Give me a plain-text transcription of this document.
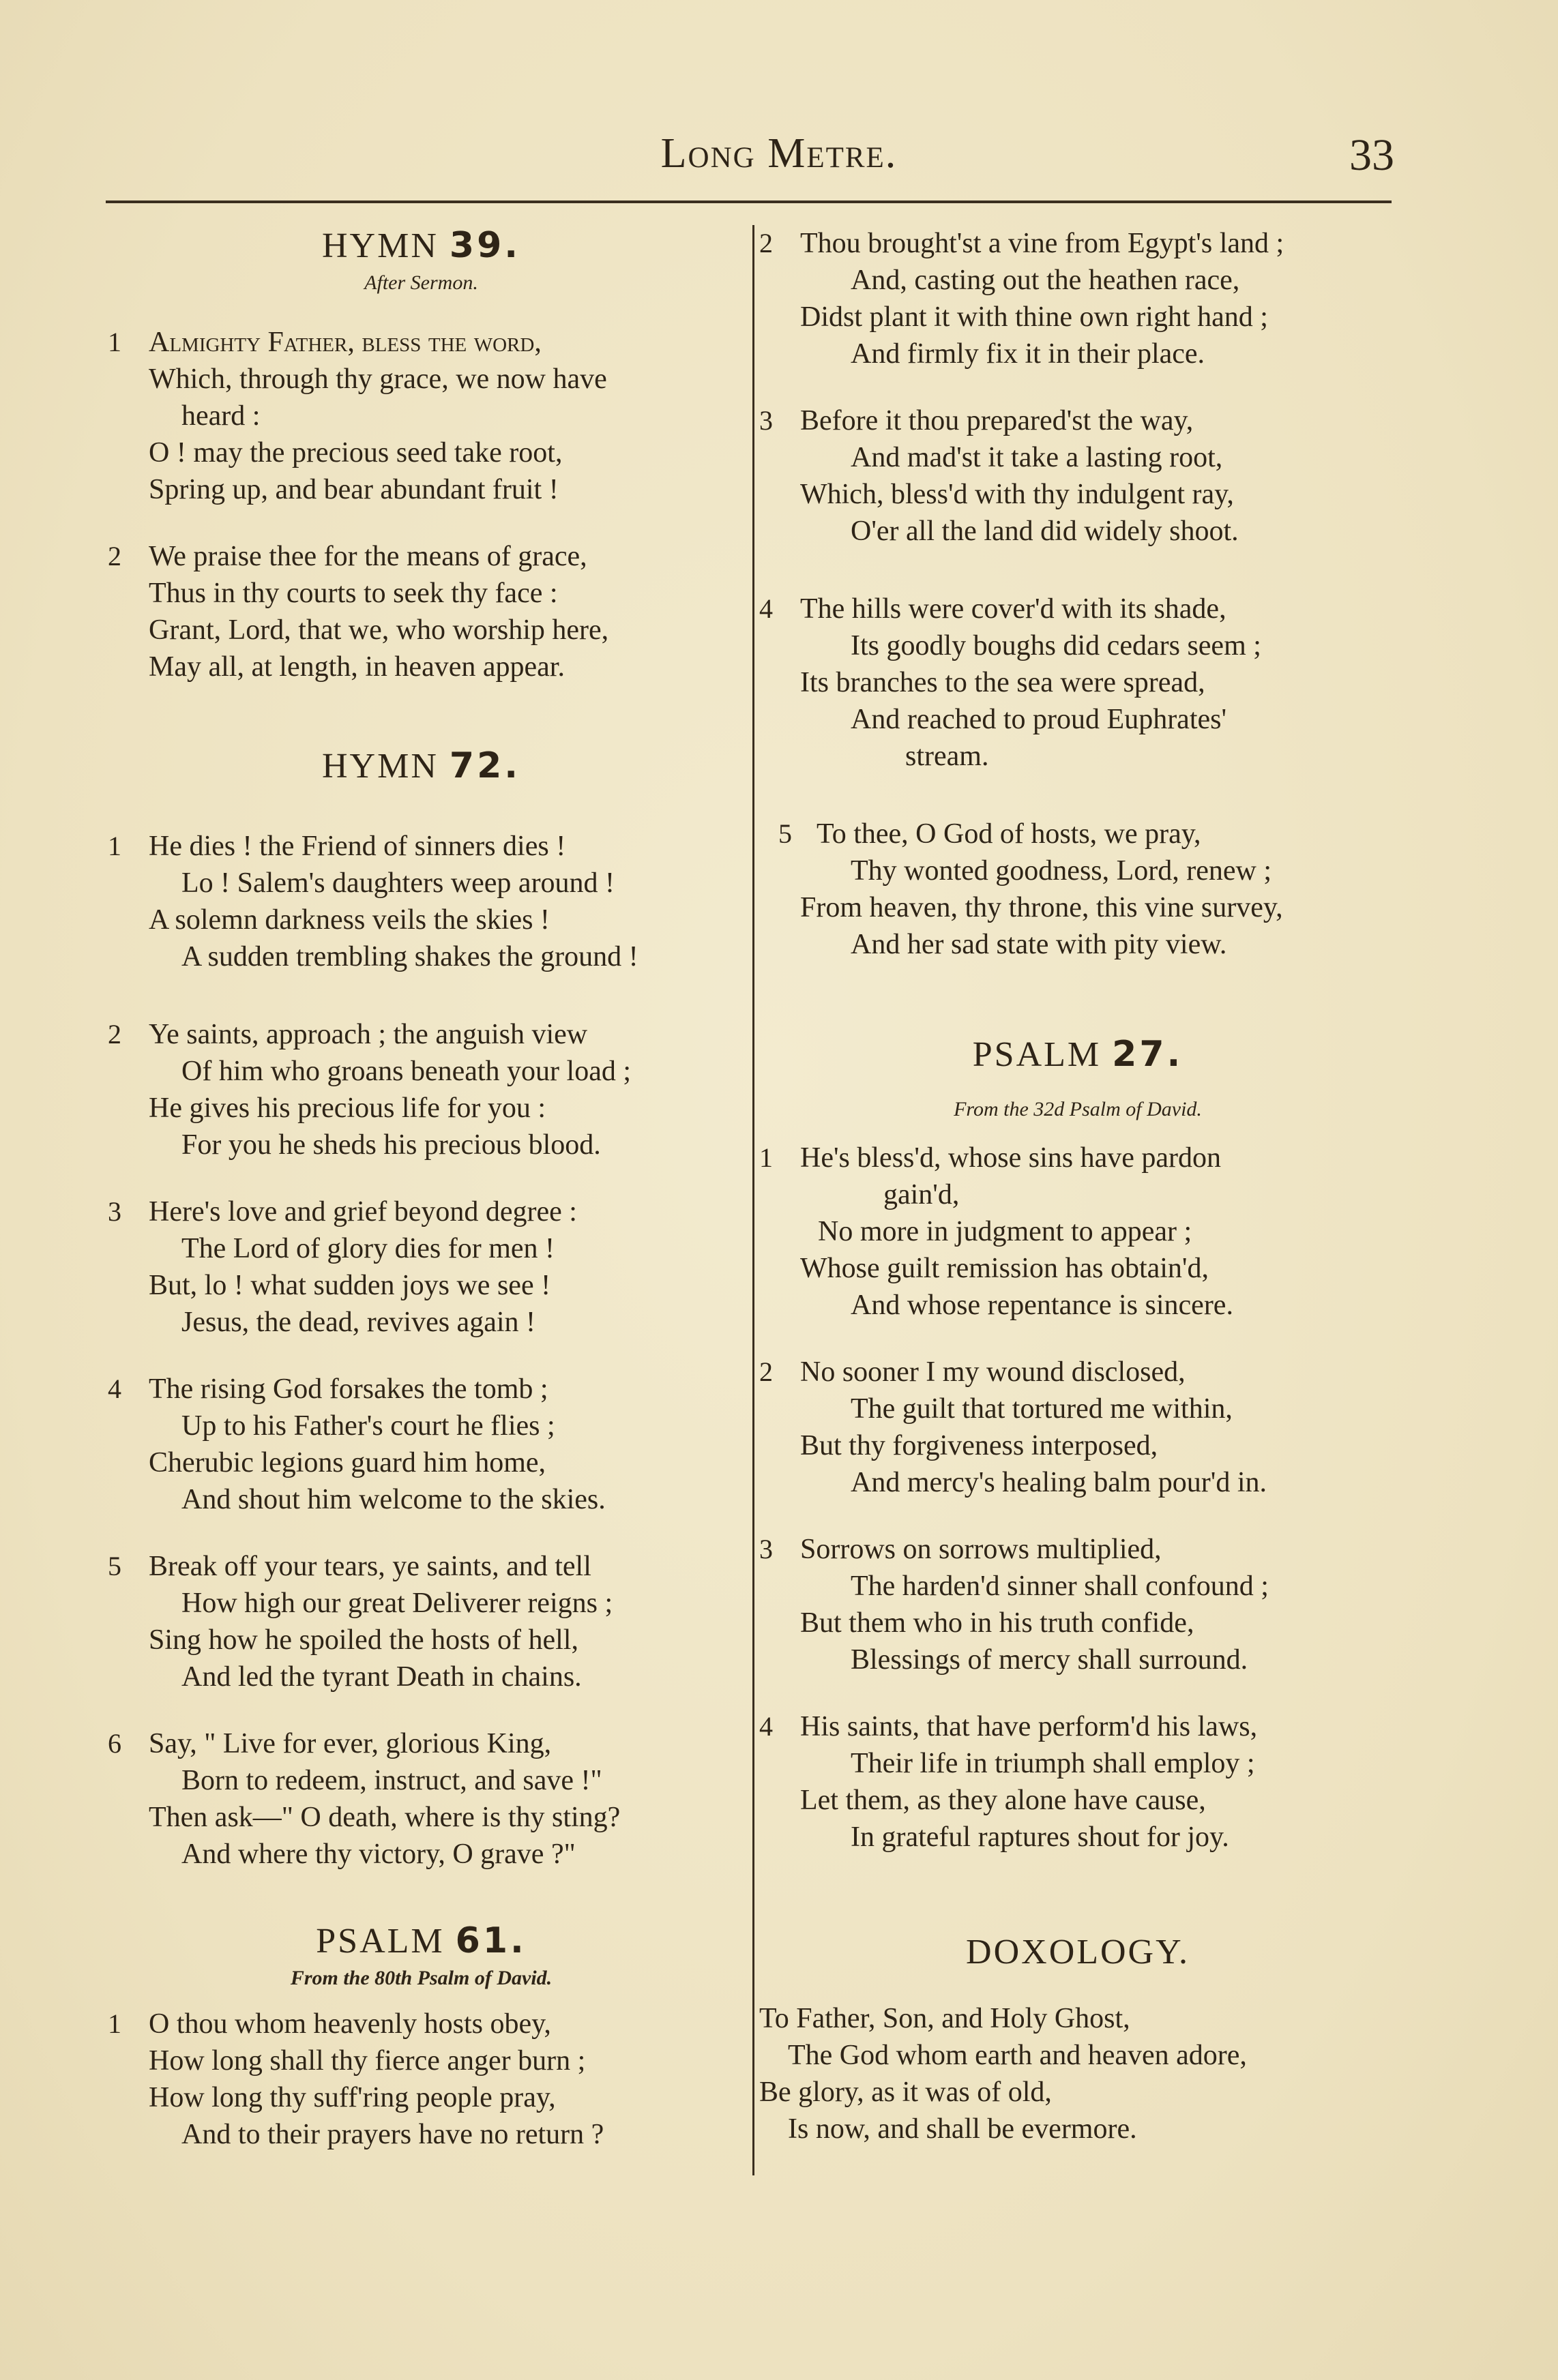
Long Metre.	33
HYMN 39.
After Sermon.
1 Almighty Father, bless the word,
Which, through thy grace, we now have
heard :
O ! may the precious seed take root,
Spring up, and bear abundant fruit !
2 We praise thee for the means of grace,
Thus in thy courts to seek thy face :
Grant, Lord, that we, who worship here,
May all, at length, in heaven appear.
HYMN 72.
1 He dies ! the Friend of sinners dies !
Lo ! Salem's daughters weep around !
A solemn darkness veils the skies !
A sudden trembling shakes the ground !
2 Ye saints, approach ; the anguish view
Of him who groans beneath your load ;
He gives his precious life for you :
For you he sheds his precious blood.
3 Here's love and grief beyond degree :
The Lord of glory dies for men !
But, lo ! what sudden joys we see !
Jesus, the dead, revives again !
4 The rising God forsakes the tomb ;
Up to his Father's court he flies ;
Cherubic legions guard him home,
And shout him welcome to the skies.
5 Break off your tears, ye saints, and tell
How high our great Deliverer reigns ;
Sing how he spoiled the hosts of hell,
And led the tyrant Death in chains.
6 Say, " Live for ever, glorious King,
Born to redeem, instruct, and save !"
Then ask—" O death, where is thy sting?
And where thy victory, O grave ?"
PSALM 61.
From the 80th Psalm of David.
1 O thou whom heavenly hosts obey,
How long shall thy fierce anger burn ;
How long thy suff'ring people pray,
And to their prayers have no return ?
2 Thou brought'st a vine from Egypt's land ;
And, casting out the heathen race,
Didst plant it with thine own right hand ;
And firmly fix it in their place.
3 Before it thou prepared'st the way,
And mad'st it take a lasting root,
Which, bless'd with thy indulgent ray,
O'er all the land did widely shoot.
4 The hills were cover'd with its shade,
Its goodly boughs did cedars seem ;
Its branches to the sea were spread,
And reached to proud Euphrates'
stream.
5 To thee, O God of hosts, we pray,
Thy wonted goodness, Lord, renew ;
From heaven, thy throne, this vine survey,
And her sad state with pity view.
PSALM 27.
From the 32d Psalm of David.
1 He's bless'd, whose sins have pardon
gain'd,
No more in judgment to appear ;
Whose guilt remission has obtain'd,
And whose repentance is sincere.
2 No sooner I my wound disclosed,
The guilt that tortured me within,
But thy forgiveness interposed,
And mercy's healing balm pour'd in.
3 Sorrows on sorrows multiplied,
The harden'd sinner shall confound ;
But them who in his truth confide,
Blessings of mercy shall surround.
4 His saints, that have perform'd his laws,
Their life in triumph shall employ ;
Let them, as they alone have cause,
In grateful raptures shout for joy.
DOXOLOGY.
To Father, Son, and Holy Ghost,
The God whom earth and heaven adore,
Be glory, as it was of old,
Is now, and shall be evermore.
